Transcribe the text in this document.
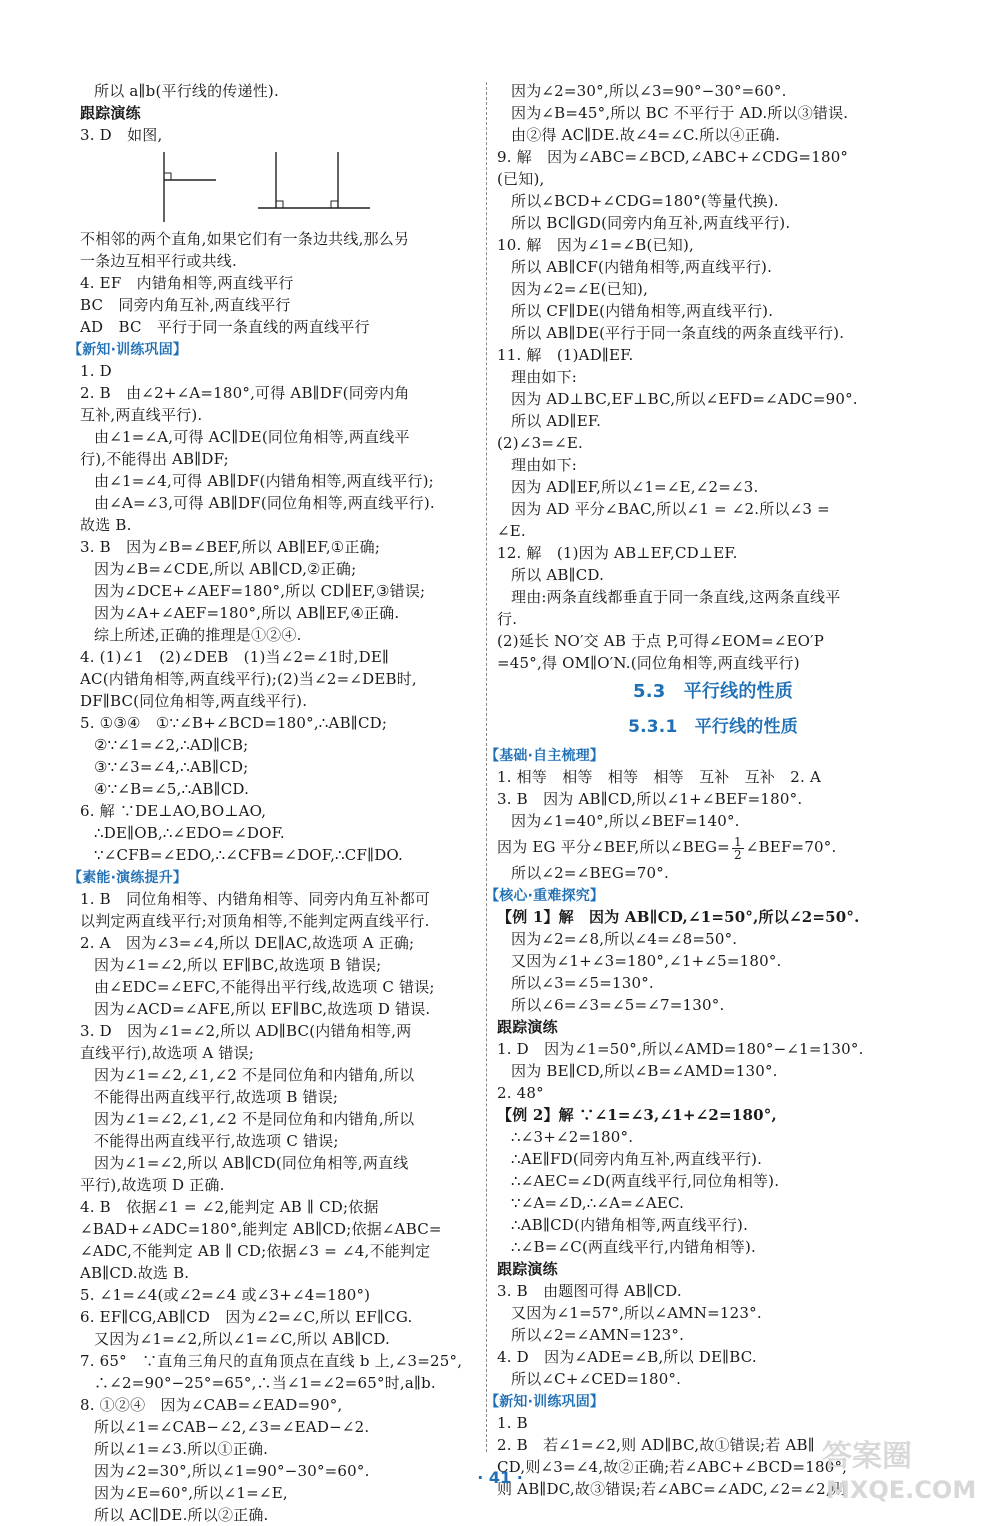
所以 a∥b(平行线的传递性).
跟踪演练
3. D　如图,
不相邻的两个直角,如果它们有一条边共线,那么另
一条边互相平行或共线.
4. EF　内错角相等,两直线平行
BC　同旁内角互补,两直线平行
AD　BC　平行于同一条直线的两直线平行
【新知·训练巩固】
1. D
2. B　由∠2+∠A=180°,可得 AB∥DF(同旁内角
互补,两直线平行).
由∠1=∠A,可得 AC∥DE(同位角相等,两直线平
行),不能得出 AB∥DF;
由∠1=∠4,可得 AB∥DF(内错角相等,两直线平行);
由∠A=∠3,可得 AB∥DF(同位角相等,两直线平行).
故选 B.
3. B　因为∠B=∠BEF,所以 AB∥EF,①正确;
因为∠B=∠CDE,所以 AB∥CD,②正确;
因为∠DCE+∠AEF=180°,所以 CD∥EF,③错误;
因为∠A+∠AEF=180°,所以 AB∥EF,④正确.
综上所述,正确的推理是①②④.
4. (1)∠1　(2)∠DEB　(1)当∠2=∠1时,DE∥
AC(内错角相等,两直线平行);(2)当∠2=∠DEB时,
DF∥BC(同位角相等,两直线平行).
5. ①③④　①∵∠B+∠BCD=180°,∴AB∥CD;
②∵∠1=∠2,∴AD∥CB;
③∵∠3=∠4,∴AB∥CD;
④∵∠B=∠5,∴AB∥CD.
6. 解 ∵DE⊥AO,BO⊥AO,
∴DE∥OB,∴∠EDO=∠DOF.
∵∠CFB=∠EDO,∴∠CFB=∠DOF,∴CF∥DO.
【素能·演练提升】
1. B　同位角相等、内错角相等、同旁内角互补都可
以判定两直线平行;对顶角相等,不能判定两直线平行.
2. A　因为∠3=∠4,所以 DE∥AC,故选项 A 正确;
因为∠1=∠2,所以 EF∥BC,故选项 B 错误;
由∠EDC=∠EFC,不能得出平行线,故选项 C 错误;
因为∠ACD=∠AFE,所以 EF∥BC,故选项 D 错误.
3. D　因为∠1=∠2,所以 AD∥BC(内错角相等,两
直线平行),故选项 A 错误;
因为∠1=∠2,∠1,∠2 不是同位角和内错角,所以
不能得出两直线平行,故选项 B 错误;
因为∠1=∠2,∠1,∠2 不是同位角和内错角,所以
不能得出两直线平行,故选项 C 错误;
因为∠1=∠2,所以 AB∥CD(同位角相等,两直线
平行),故选项 D 正确.
4. B　依据∠1 = ∠2,能判定 AB ∥ CD;依据
∠BAD+∠ADC=180°,能判定 AB∥CD;依据∠ABC=
∠ADC,不能判定 AB ∥ CD;依据∠3 = ∠4,不能判定
AB∥CD.故选 B.
5. ∠1=∠4(或∠2=∠4 或∠3+∠4=180°)
6. EF∥CG,AB∥CD　因为∠2=∠C,所以 EF∥CG.
又因为∠1=∠2,所以∠1=∠C,所以 AB∥CD.
7. 65°　∵直角三角尺的直角顶点在直线 b 上,∠3=25°,
∴∠2=90°−25°=65°,∴当∠1=∠2=65°时,a∥b.
8. ①②④　因为∠CAB=∠EAD=90°,
所以∠1=∠CAB−∠2,∠3=∠EAD−∠2.
所以∠1=∠3.所以①正确.
因为∠2=30°,所以∠1=90°−30°=60°.
因为∠E=60°,所以∠1=∠E,
所以 AC∥DE.所以②正确.
因为∠2=30°,所以∠3=90°−30°=60°.
因为∠B=45°,所以 BC 不平行于 AD.所以③错误.
由②得 AC∥DE.故∠4=∠C.所以④正确.
9. 解　因为∠ABC=∠BCD,∠ABC+∠CDG=180°
(已知),
所以∠BCD+∠CDG=180°(等量代换).
所以 BC∥GD(同旁内角互补,两直线平行).
10. 解　因为∠1=∠B(已知),
所以 AB∥CF(内错角相等,两直线平行).
因为∠2=∠E(已知),
所以 CF∥DE(内错角相等,两直线平行).
所以 AB∥DE(平行于同一条直线的两条直线平行).
11. 解　(1)AD∥EF.
理由如下:
因为 AD⊥BC,EF⊥BC,所以∠EFD=∠ADC=90°.
所以 AD∥EF.
(2)∠3=∠E.
理由如下:
因为 AD∥EF,所以∠1=∠E,∠2=∠3.
因为 AD 平分∠BAC,所以∠1 = ∠2.所以∠3 =
∠E.
12. 解　(1)因为 AB⊥EF,CD⊥EF.
所以 AB∥CD.
理由:两条直线都垂直于同一条直线,这两条直线平
行.
(2)延长 NO′交 AB 于点 P,可得∠EOM=∠EO′P
=45°,得 OM∥O′N.(同位角相等,两直线平行)
5.3　平行线的性质
5.3.1　平行线的性质
【基础·自主梳理】
1. 相等　相等　相等　相等　互补　互补　2. A
3. B　因为 AB∥CD,所以∠1+∠BEF=180°.
因为∠1=40°,所以∠BEF=140°.
因为 EG 平分∠BEF,所以∠BEG= $\frac{1}{2}$ ∠BEF=70°.
所以∠2=∠BEG=70°.
【核心·重难探究】
【例 1】解　因为 AB∥CD,∠1=50°,所以∠2=50°.
因为∠2=∠8,所以∠4=∠8=50°.
又因为∠1+∠3=180°,∠1+∠5=180°.
所以∠3=∠5=130°.
所以∠6=∠3=∠5=∠7=130°.
跟踪演练
1. D　因为∠1=50°,所以∠AMD=180°−∠1=130°.
因为 BE∥CD,所以∠B=∠AMD=130°.
2. 48°
【例 2】解 ∵∠1=∠3,∠1+∠2=180°,
∴∠3+∠2=180°.
∴AE∥FD(同旁内角互补,两直线平行).
∴∠AEC=∠D(两直线平行,同位角相等).
∵∠A=∠D,∴∠A=∠AEC.
∴AB∥CD(内错角相等,两直线平行).
∴∠B=∠C(两直线平行,内错角相等).
跟踪演练
3. B　由题图可得 AB∥CD.
又因为∠1=57°,所以∠AMN=123°.
所以∠2=∠AMN=123°.
4. D　因为∠ADE=∠B,所以 DE∥BC.
所以∠C+∠CED=180°.
【新知·训练巩固】
1. B
2. B　若∠1=∠2,则 AD∥BC,故①错误;若 AB∥
CD,则∠3=∠4,故②正确;若∠ABC+∠BCD=180°,
则 AB∥DC,故③错误;若∠ABC=∠ADC,∠2=∠2,则
· 41 ·
答案圈
MXQE.COM
